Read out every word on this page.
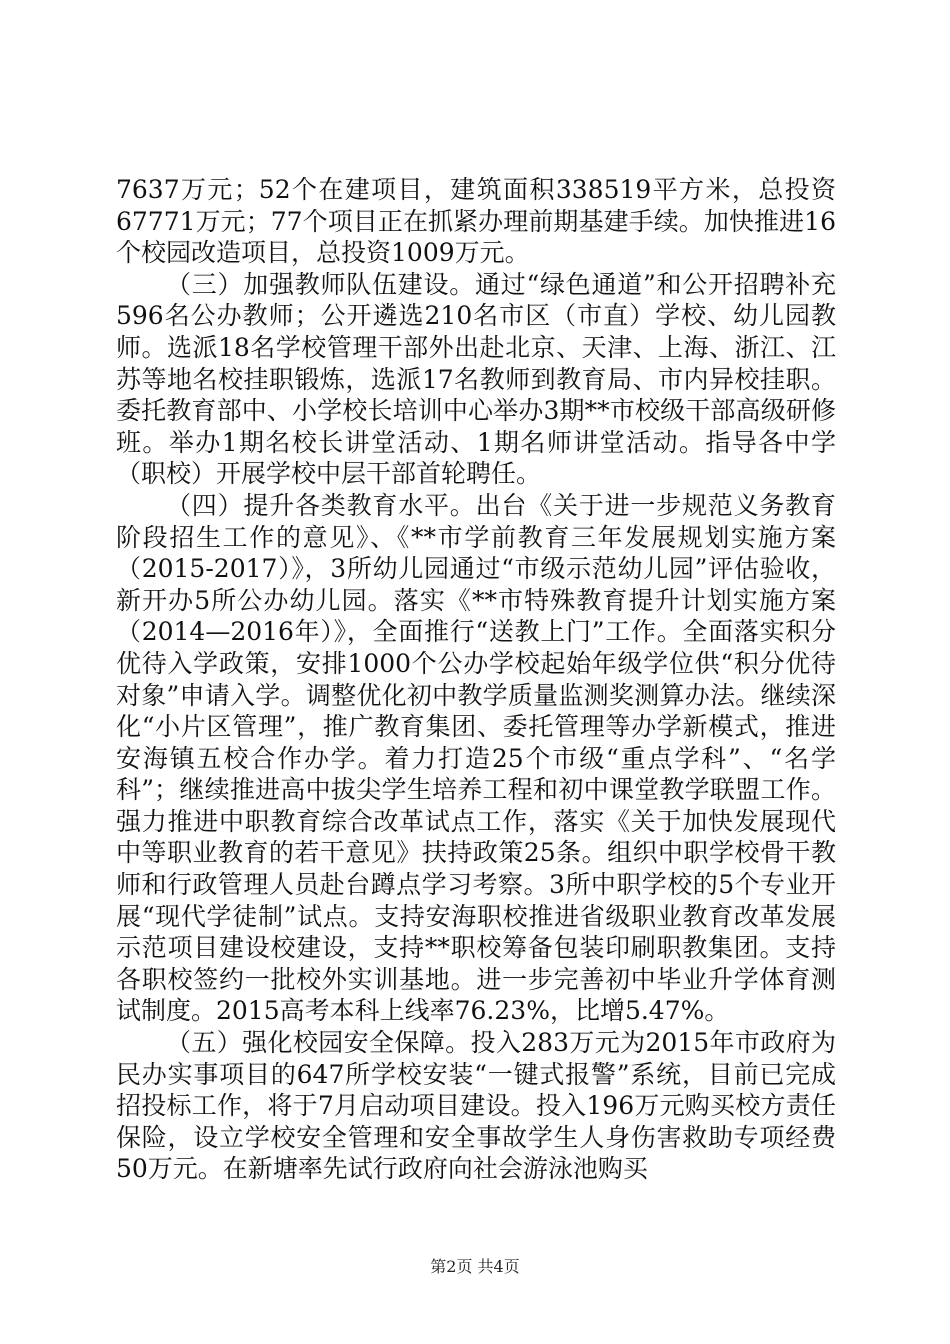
7637万元；52个在建项目，建筑面积338519平方米，总投资67771万元；77个项目正在抓紧办理前期基建手续。加快推进16个校园改造项目，总投资1009万元。

（三）加强教师队伍建设。通过“绿色通道”和公开招聘补充596名公办教师；公开遴选210名市区（市直）学校、幼儿园教师。选派18名学校管理干部外出赴北京、天津、上海、浙江、江苏等地名校挂职锻炼，选派17名教师到教育局、市内异校挂职。委托教育部中、小学校长培训中心举办3期**市校级干部高级研修班。举办1期名校长讲堂活动、1期名师讲堂活动。指导各中学（职校）开展学校中层干部首轮聘任。

（四）提升各类教育水平。出台《关于进一步规范义务教育阶段招生工作的意见》、《**市学前教育三年发展规划实施方案（2015-2017）》，3所幼儿园通过“市级示范幼儿园”评估验收，新开办5所公办幼儿园。落实《**市特殊教育提升计划实施方案（2014—2016年）》，全面推行“送教上门”工作。全面落实积分优待入学政策，安排1000个公办学校起始年级学位供“积分优待对象”申请入学。调整优化初中教学质量监测奖测算办法。继续深化“小片区管理”，推广教育集团、委托管理等办学新模式，推进安海镇五校合作办学。着力打造25个市级“重点学科”、“名学科”；继续推进高中拔尖学生培养工程和初中课堂教学联盟工作。强力推进中职教育综合改革试点工作，落实《关于加快发展现代中等职业教育的若干意见》扶持政策25条。组织中职学校骨干教师和行政管理人员赴台蹲点学习考察。3所中职学校的5个专业开展“现代学徒制”试点。支持安海职校推进省级职业教育改革发展示范项目建设校建设，支持**职校筹备包装印刷职教集团。支持各职校签约一批校外实训基地。进一步完善初中毕业升学体育测试制度。2015高考本科上线率76.23%，比增5.47%。

（五）强化校园安全保障。投入283万元为2015年市政府为民办实事项目的647所学校安装“一键式报警”系统，目前已完成招投标工作，将于7月启动项目建设。投入196万元购买校方责任保险，设立学校安全管理和安全事故学生人身伤害救助专项经费50万元。在新塘率先试行政府向社会游泳池购买

第2页 共4页
